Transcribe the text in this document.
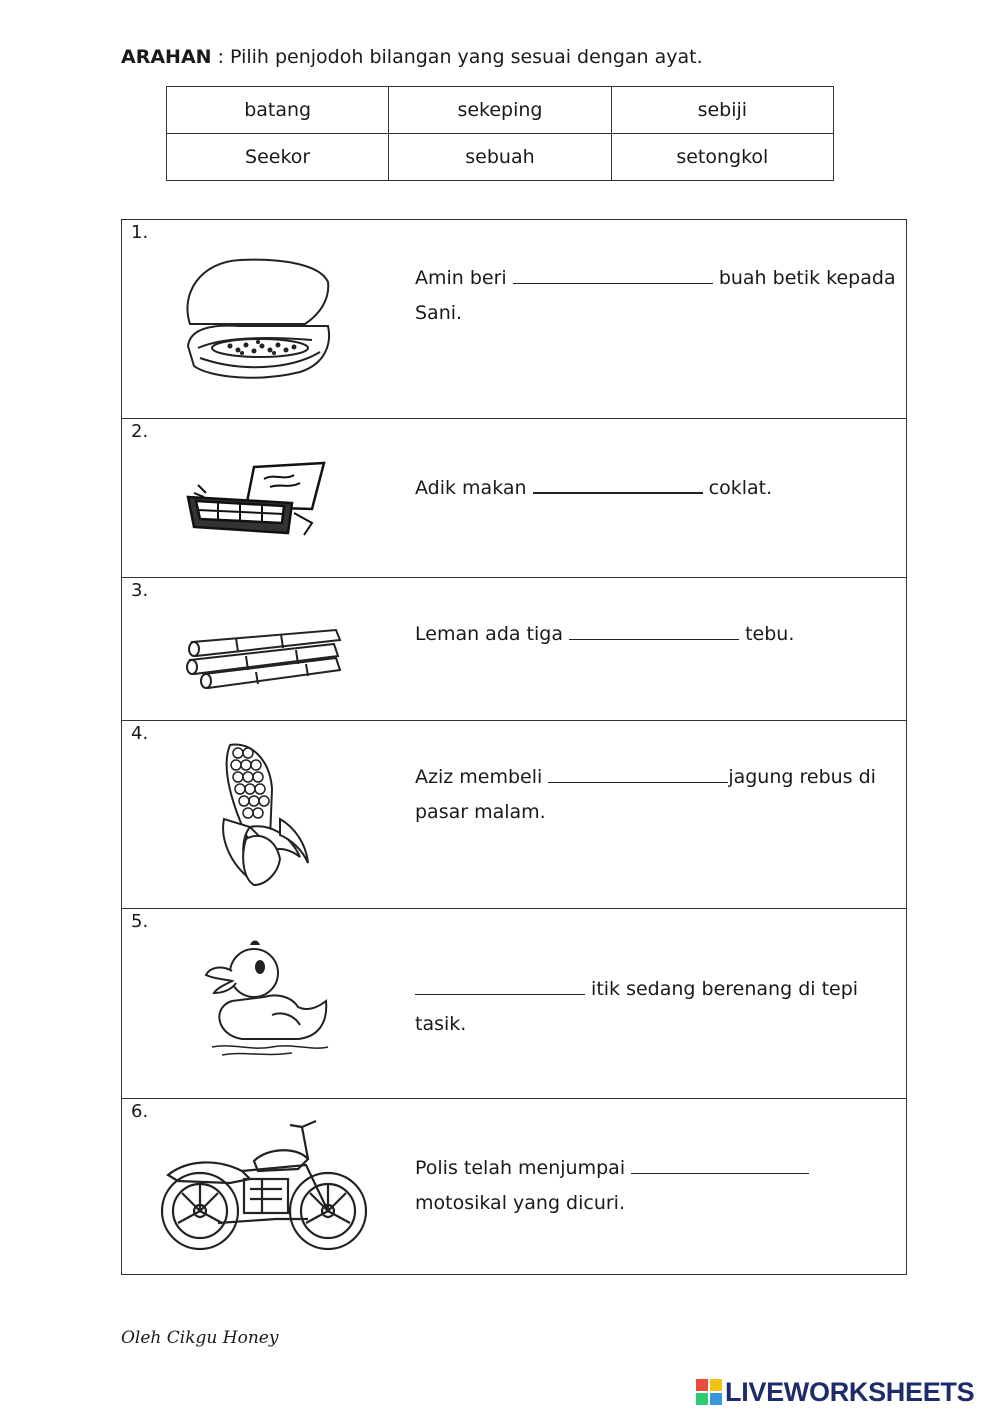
ARAHAN : Pilih penjodoh bilangan yang sesuai dengan ayat.
batang	sekeping	sebiji
Seekor	sebuah	setongkol
1.
Amin beri	buah betik kepada Sani.
2.
Adik makan	coklat.
3.
Leman ada tiga	tebu.
4.
Aziz membeli	jagung rebus di pasar malam.
5.
itik sedang berenang di tepi tasik.
6.
Polis telah menjumpai  motosikal yang dicuri.
Oleh Cikgu Honey
LIVEWORKSHEETS
